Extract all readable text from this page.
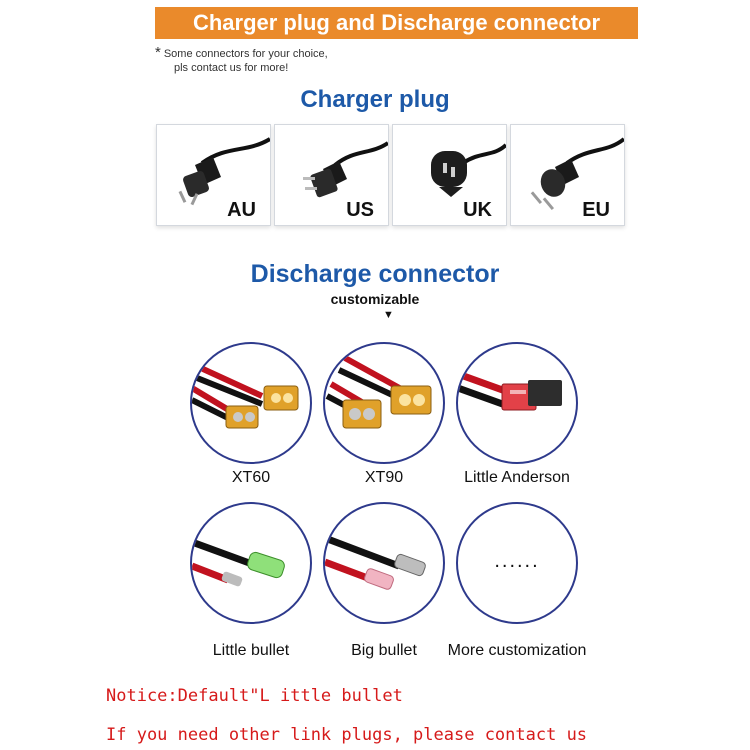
Charger plug and Discharge connector
* Some connectors for your choice,
pls contact us for more!
Charger plug
AU	US	UK	EU
Discharge connector
customizable
▼
XT60	XT90	Little Anderson
Little bullet	Big bullet
......
More customization
Notice:Default"L ittle bullet
If you need other link plugs, please contact us
